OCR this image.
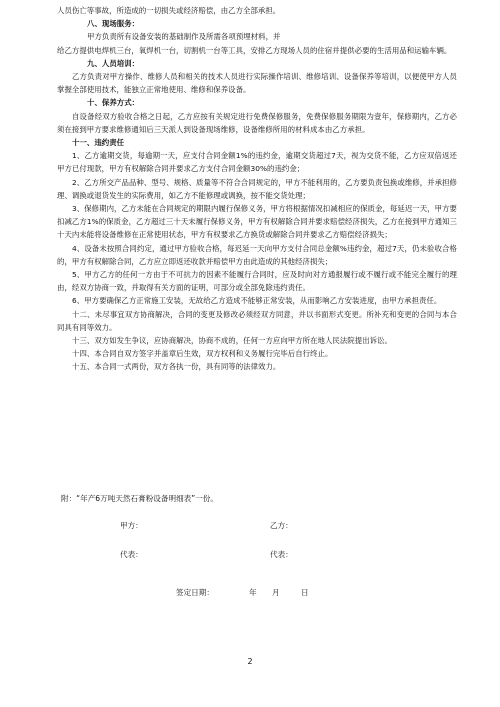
人员伤亡等事故，所造成的一切损失或经济赔偿，由乙方全部承担。

八、现场服务：

甲方负责所有设备安装的基础制作及所需各项预埋材料，并

给乙方提供电焊机三台，氧焊机一台，切割机一台等工具，安排乙方现场人员的住宿并提供必要的生活用品和运输车辆。

九、人员培训：

乙方负责对甲方操作、维修人员和相关的技术人员进行实际操作培训、维修培训、设备保养等培训，以便使甲方人员掌握全部使用技术，能独立正常地使用、维修和保养设备。

十、保养方式：

自设备经双方验收合格之日起，乙方应按有关规定进行免费保修服务，免费保修服务期限为壹年，保修期内，乙方必须在接到甲方要求维修通知后三天派人到设备现场维修，设备维修所用的材料成本由乙方承担。

十一、违约责任

1、乙方逾期交货，每逾期一天，应支付合同金额1%的违约金，逾期交货超过7天，视为交货不能，乙方应双倍返还甲方已付现款，甲方有权解除合同并要求乙方支付合同金额30%的违约金；

2、乙方所交产品品种、型号、规格、质量等不符合合同规定的，甲方不能利用的，乙方要负责包换或维修，并承担修理、调换或退货发生的实际费用，如乙方不能修理或调换，按不能交货处理；

3、保修期内，乙方未能在合同规定的期限内履行保修义务，甲方将根据情况扣减相应的保质金，每延迟一天，甲方要扣减乙方1%的保质金，乙方超过三十天未履行保修义务，甲方有权解除合同并要求赔偿经济损失，乙方在接到甲方通知三十天内未能将设备维修在正常使用状态，甲方有权要求乙方换货或解除合同并要求乙方赔偿经济损失；

4、设备未按照合同约定，通过甲方验收合格，每迟延一天向甲方支付合同总金额%违约金，超过7天，仍未验收合格的，甲方有权解除合同，乙方应立即返还收款并赔偿甲方由此造成的其他经济损失；

5、甲方乙方的任何一方由于不可抗力的因素不能履行合同时，应及时向对方通报履行或不履行或不能完全履行的理由，经双方协商一致，并取得有关方面的证明，可部分或全部免除违约责任。

6、甲方要确保乙方正常施工安装，无故给乙方造成不能够正常安装，从而影响乙方安装进度，由甲方承担责任。

十二、未尽事宜双方协商解决，合同的变更及修改必须经双方同意，并以书面形式变更。所补充和变更的合同与本合同具有同等效力。

十三、双方如发生争议，应协商解决，协商不成的，任何一方应向甲方所在地人民法院提出诉讼。

十四、本合同自双方签字并盖章后生效，双方权利和义务履行完毕后自行终止。

十五、本合同一式两份，双方各执一份，具有同等的法律效力。

附：“年产6万吨天然石膏粉设备明细表”一份。
甲方：	乙方：
代表：	代表：
签定日期：	年 月	日
2
